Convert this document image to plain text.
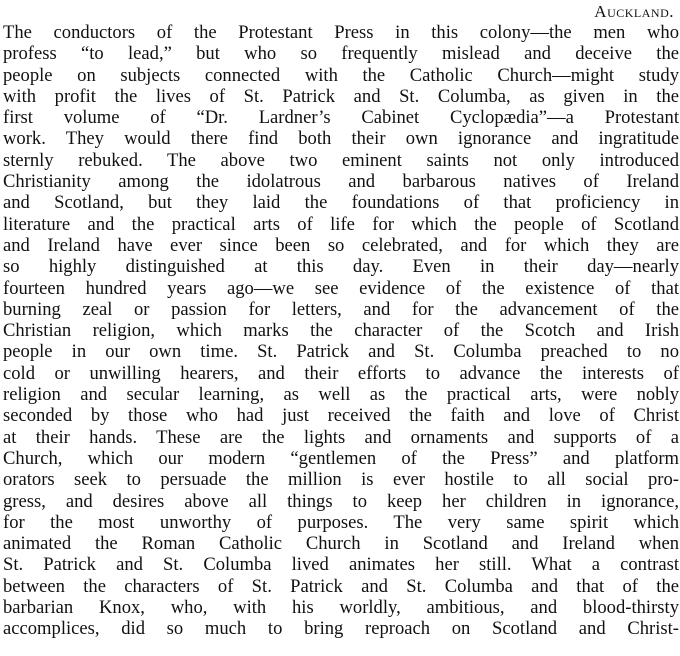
Auckland.
The conductors of the Protestant Press in this colony—the men who
profess “to lead,” but who so frequently mislead and deceive the
people on subjects connected with the Catholic Church—might study
with profit the lives of St. Patrick and St. Columba, as given in the
first volume of “Dr. Lardner’s Cabinet Cyclopædia”—a Protestant
work. They would there find both their own ignorance and ingratitude
sternly rebuked. The above two eminent saints not only introduced
Christianity among the idolatrous and barbarous natives of Ireland
and Scotland, but they laid the foundations of that proficiency in
literature and the practical arts of life for which the people of Scotland
and Ireland have ever since been so celebrated, and for which they are
so highly distinguished at this day. Even in their day—nearly
fourteen hundred years ago—we see evidence of the existence of that
burning zeal or passion for letters, and for the advancement of the
Christian religion, which marks the character of the Scotch and Irish
people in our own time. St. Patrick and St. Columba preached to no
cold or unwilling hearers, and their efforts to advance the interests of
religion and secular learning, as well as the practical arts, were nobly
seconded by those who had just received the faith and love of Christ
at their hands. These are the lights and ornaments and supports of a
Church, which our modern “gentlemen of the Press” and platform
orators seek to persuade the million is ever hostile to all social pro-
gress, and desires above all things to keep her children in ignorance,
for the most unworthy of purposes. The very same spirit which
animated the Roman Catholic Church in Scotland and Ireland when
St. Patrick and St. Columba lived animates her still. What a contrast
between the characters of St. Patrick and St. Columba and that of the
barbarian Knox, who, with his worldly, ambitious, and blood-thirsty
accomplices, did so much to bring reproach on Scotland and Christ-
